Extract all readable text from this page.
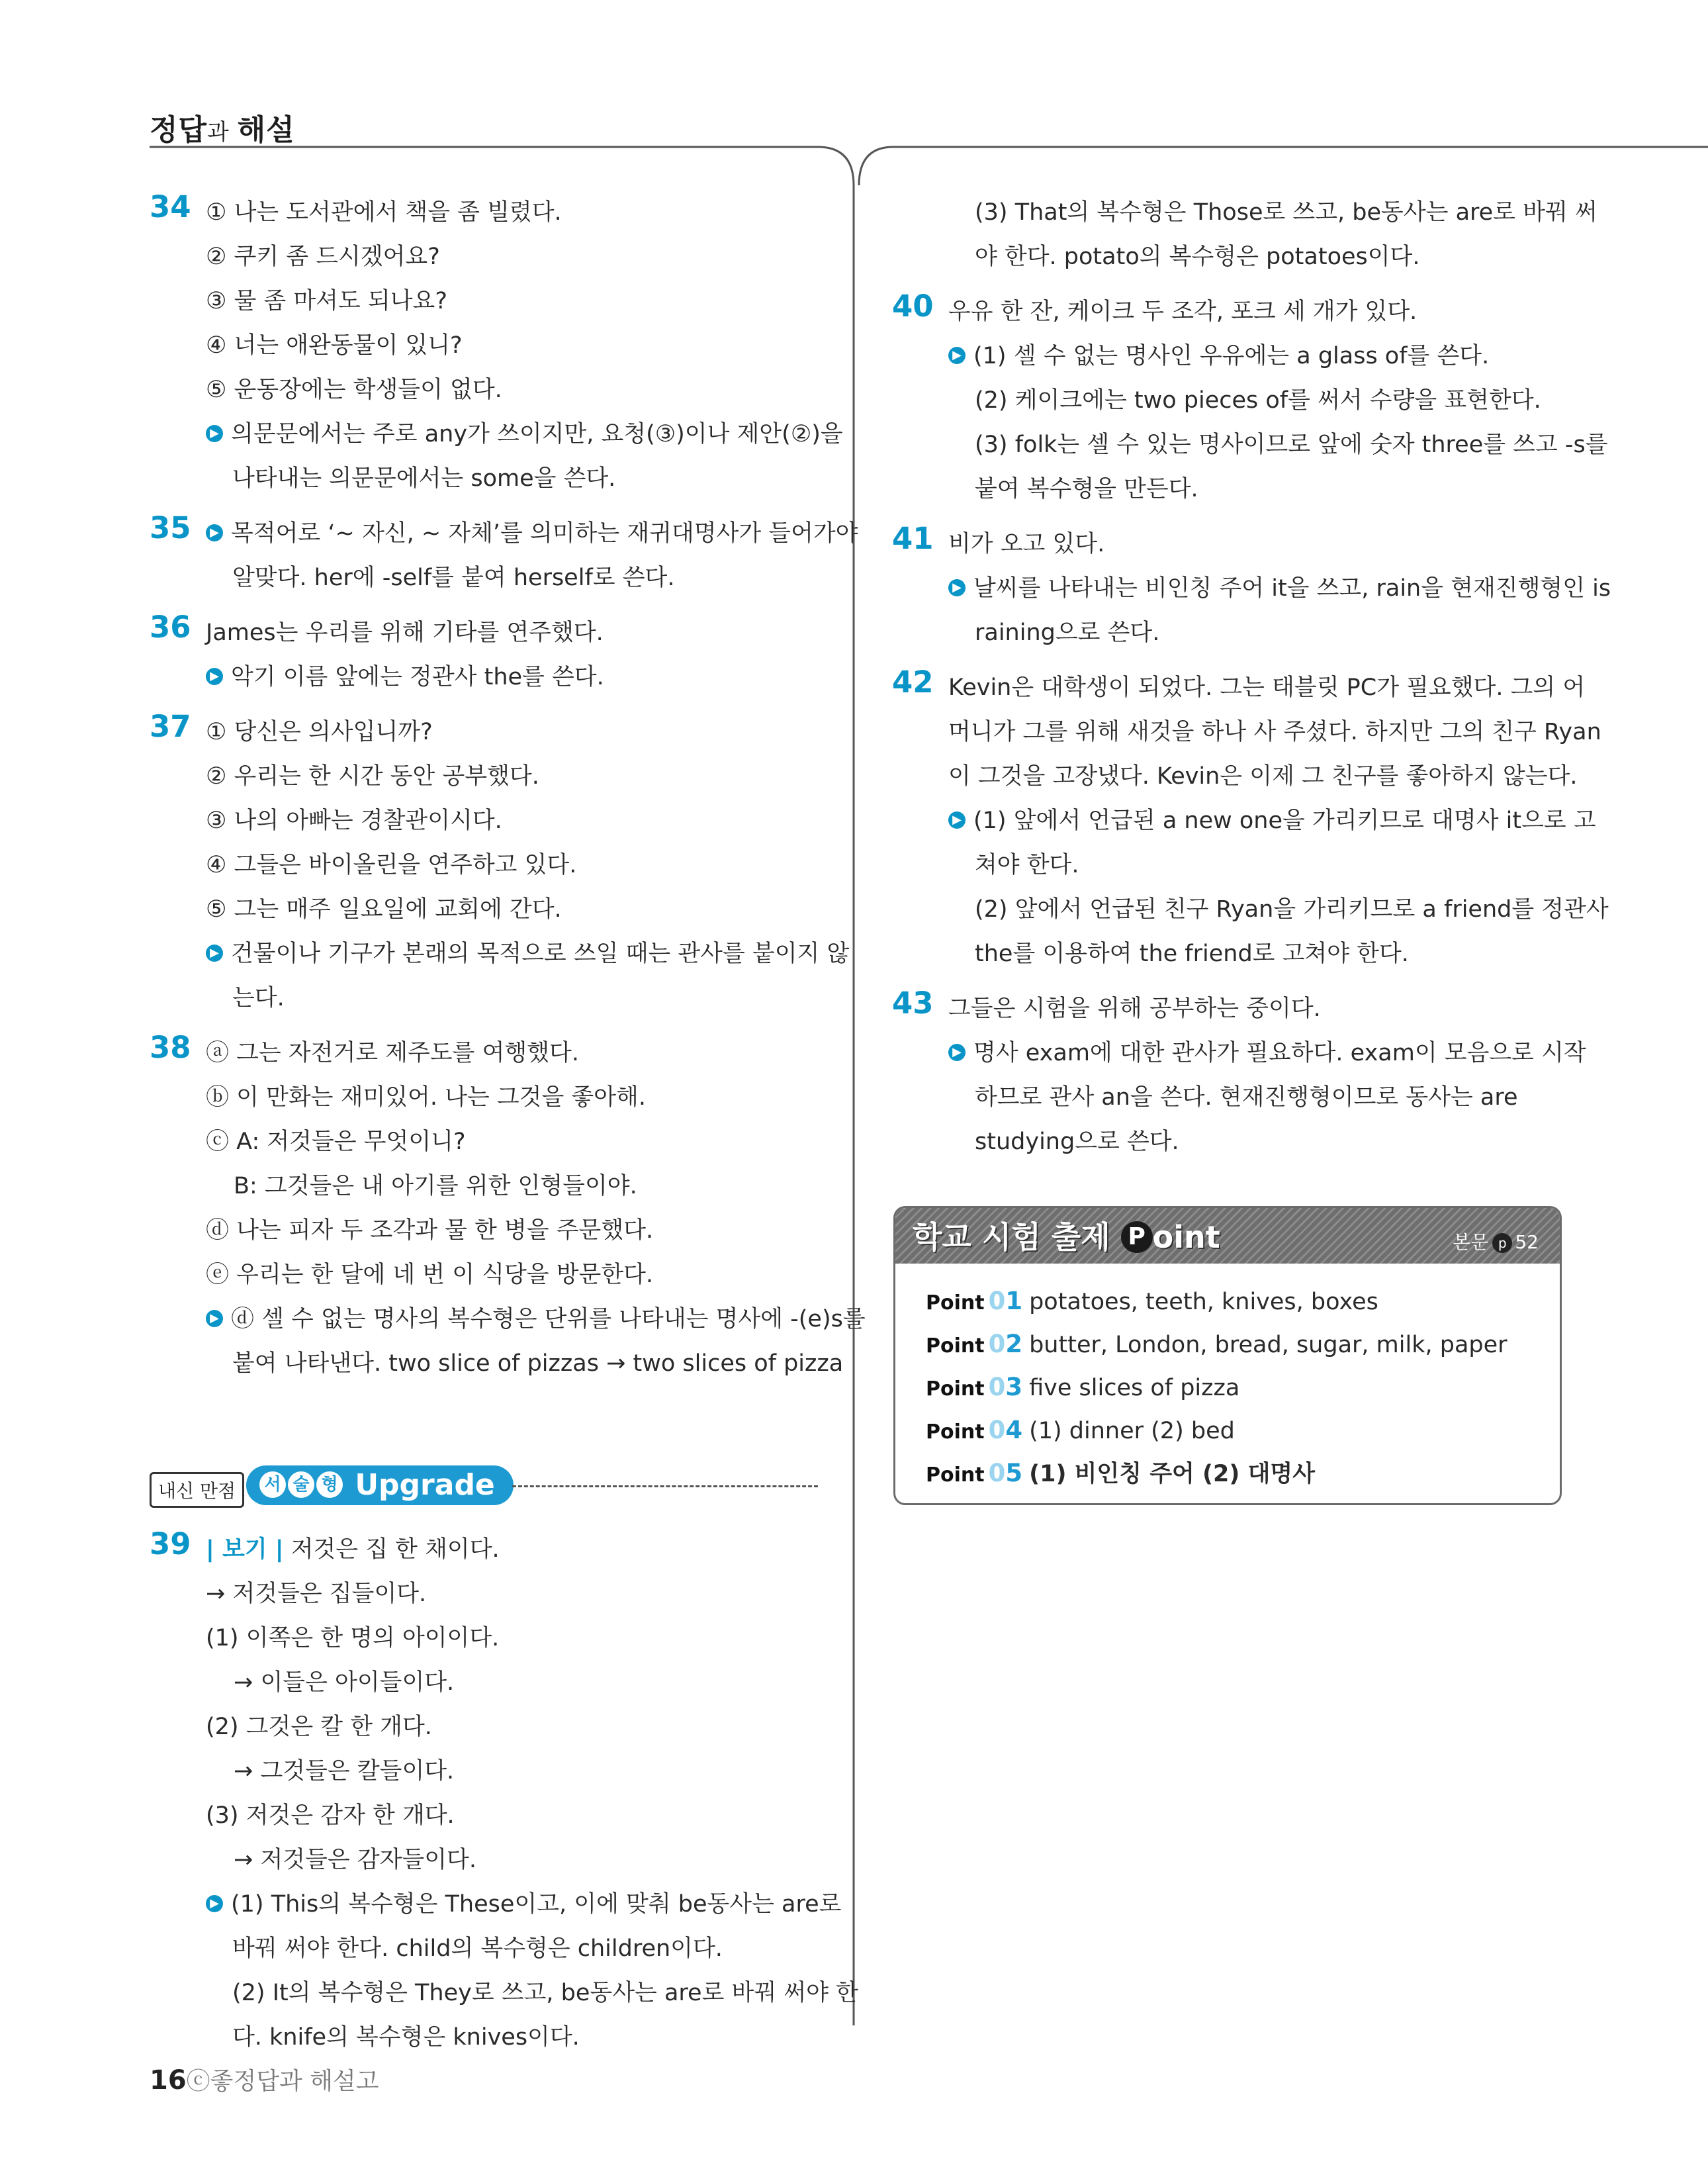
정답과 해설
34 ① 나는 도서관에서 책을 좀 빌렸다.
② 쿠키 좀 드시겠어요?
③ 물 좀 마셔도 되나요?
④ 너는 애완동물이 있니?
⑤ 운동장에는 학생들이 없다.
▶ 의문문에서는 주로 any가 쓰이지만, 요청(③)이나 제안(②)을
나타내는 의문문에서는 some을 쓴다.
35	▶ 목적어로 ‘~ 자신, ~ 자체’를 의미하는 재귀대명사가 들어가야
알맞다. her에 -self를 붙여 herself로 쓴다.
36 James는 우리를 위해 기타를 연주했다.
▶ 악기 이름 앞에는 정관사 the를 쓴다.
37 ① 당신은 의사입니까?
② 우리는 한 시간 동안 공부했다.
③ 나의 아빠는 경찰관이시다.
④ 그들은 바이올린을 연주하고 있다.
⑤ 그는 매주 일요일에 교회에 간다.
▶ 건물이나 기구가 본래의 목적으로 쓰일 때는 관사를 붙이지 않
는다.
38 ⓐ 그는 자전거로 제주도를 여행했다.
ⓑ 이 만화는 재미있어. 나는 그것을 좋아해.
ⓒ A: 저것들은 무엇이니?
B: 그것들은 내 아기를 위한 인형들이야.
ⓓ 나는 피자 두 조각과 물 한 병을 주문했다.
ⓔ 우리는 한 달에 네 번 이 식당을 방문한다.
▶ ⓓ 셀 수 없는 명사의 복수형은 단위를 나타내는 명사에 -(e)s를
붙여 나타낸다. two slice of pizzas → two slices of pizza
내신 만점	서 술 형 Upgrade
39 | 보기 | 저것은 집 한 채이다.
→ 저것들은 집들이다.
(1) 이쪽은 한 명의 아이이다.
→ 이들은 아이들이다.
(2) 그것은 칼 한 개다.
→ 그것들은 칼들이다.
(3) 저것은 감자 한 개다.
→ 저것들은 감자들이다.
▶ (1) This의 복수형은 These이고, 이에 맞춰 be동사는 are로
바꿔 써야 한다. child의 복수형은 children이다.
(2) It의 복수형은 They로 쓰고, be동사는 are로 바꿔 써야 한
다. knife의 복수형은 knives이다.
(3) That의 복수형은 Those로 쓰고, be동사는 are로 바꿔 써
야 한다. potato의 복수형은 potatoes이다.
40 우유 한 잔, 케이크 두 조각, 포크 세 개가 있다.
▶ (1) 셀 수 없는 명사인 우유에는 a glass of를 쓴다.
(2) 케이크에는 two pieces of를 써서 수량을 표현한다.
(3) folk는 셀 수 있는 명사이므로 앞에 숫자 three를 쓰고 -s를
붙여 복수형을 만든다.
41 비가 오고 있다.
▶ 날씨를 나타내는 비인칭 주어 it을 쓰고, rain을 현재진행형인 is
raining으로 쓴다.
42 Kevin은 대학생이 되었다. 그는 태블릿 PC가 필요했다. 그의 어
머니가 그를 위해 새것을 하나 사 주셨다. 하지만 그의 친구 Ryan
이 그것을 고장냈다. Kevin은 이제 그 친구를 좋아하지 않는다.
▶ (1) 앞에서 언급된 a new one을 가리키므로 대명사 it으로 고
쳐야 한다.
(2) 앞에서 언급된 친구 Ryan을 가리키므로 a friend를 정관사
the를 이용하여 the friend로 고쳐야 한다.
43 그들은 시험을 위해 공부하는 중이다.
▶ 명사 exam에 대한 관사가 필요하다. exam이 모음으로 시작
하므로 관사 an을 쓴다. 현재진행형이므로 동사는 are
studying으로 쓴다.
학교 시험 출제 P oint	본문 p 52
Point 01 potatoes, teeth, knives, boxes
Point 02 butter, London, bread, sugar, milk, paper
Point 03 five slices of pizza
Point 04 (1) dinner (2) bed
Point 05 (1) 비인칭 주어 (2) 대명사
16ⓒ좋정답과 해설고
